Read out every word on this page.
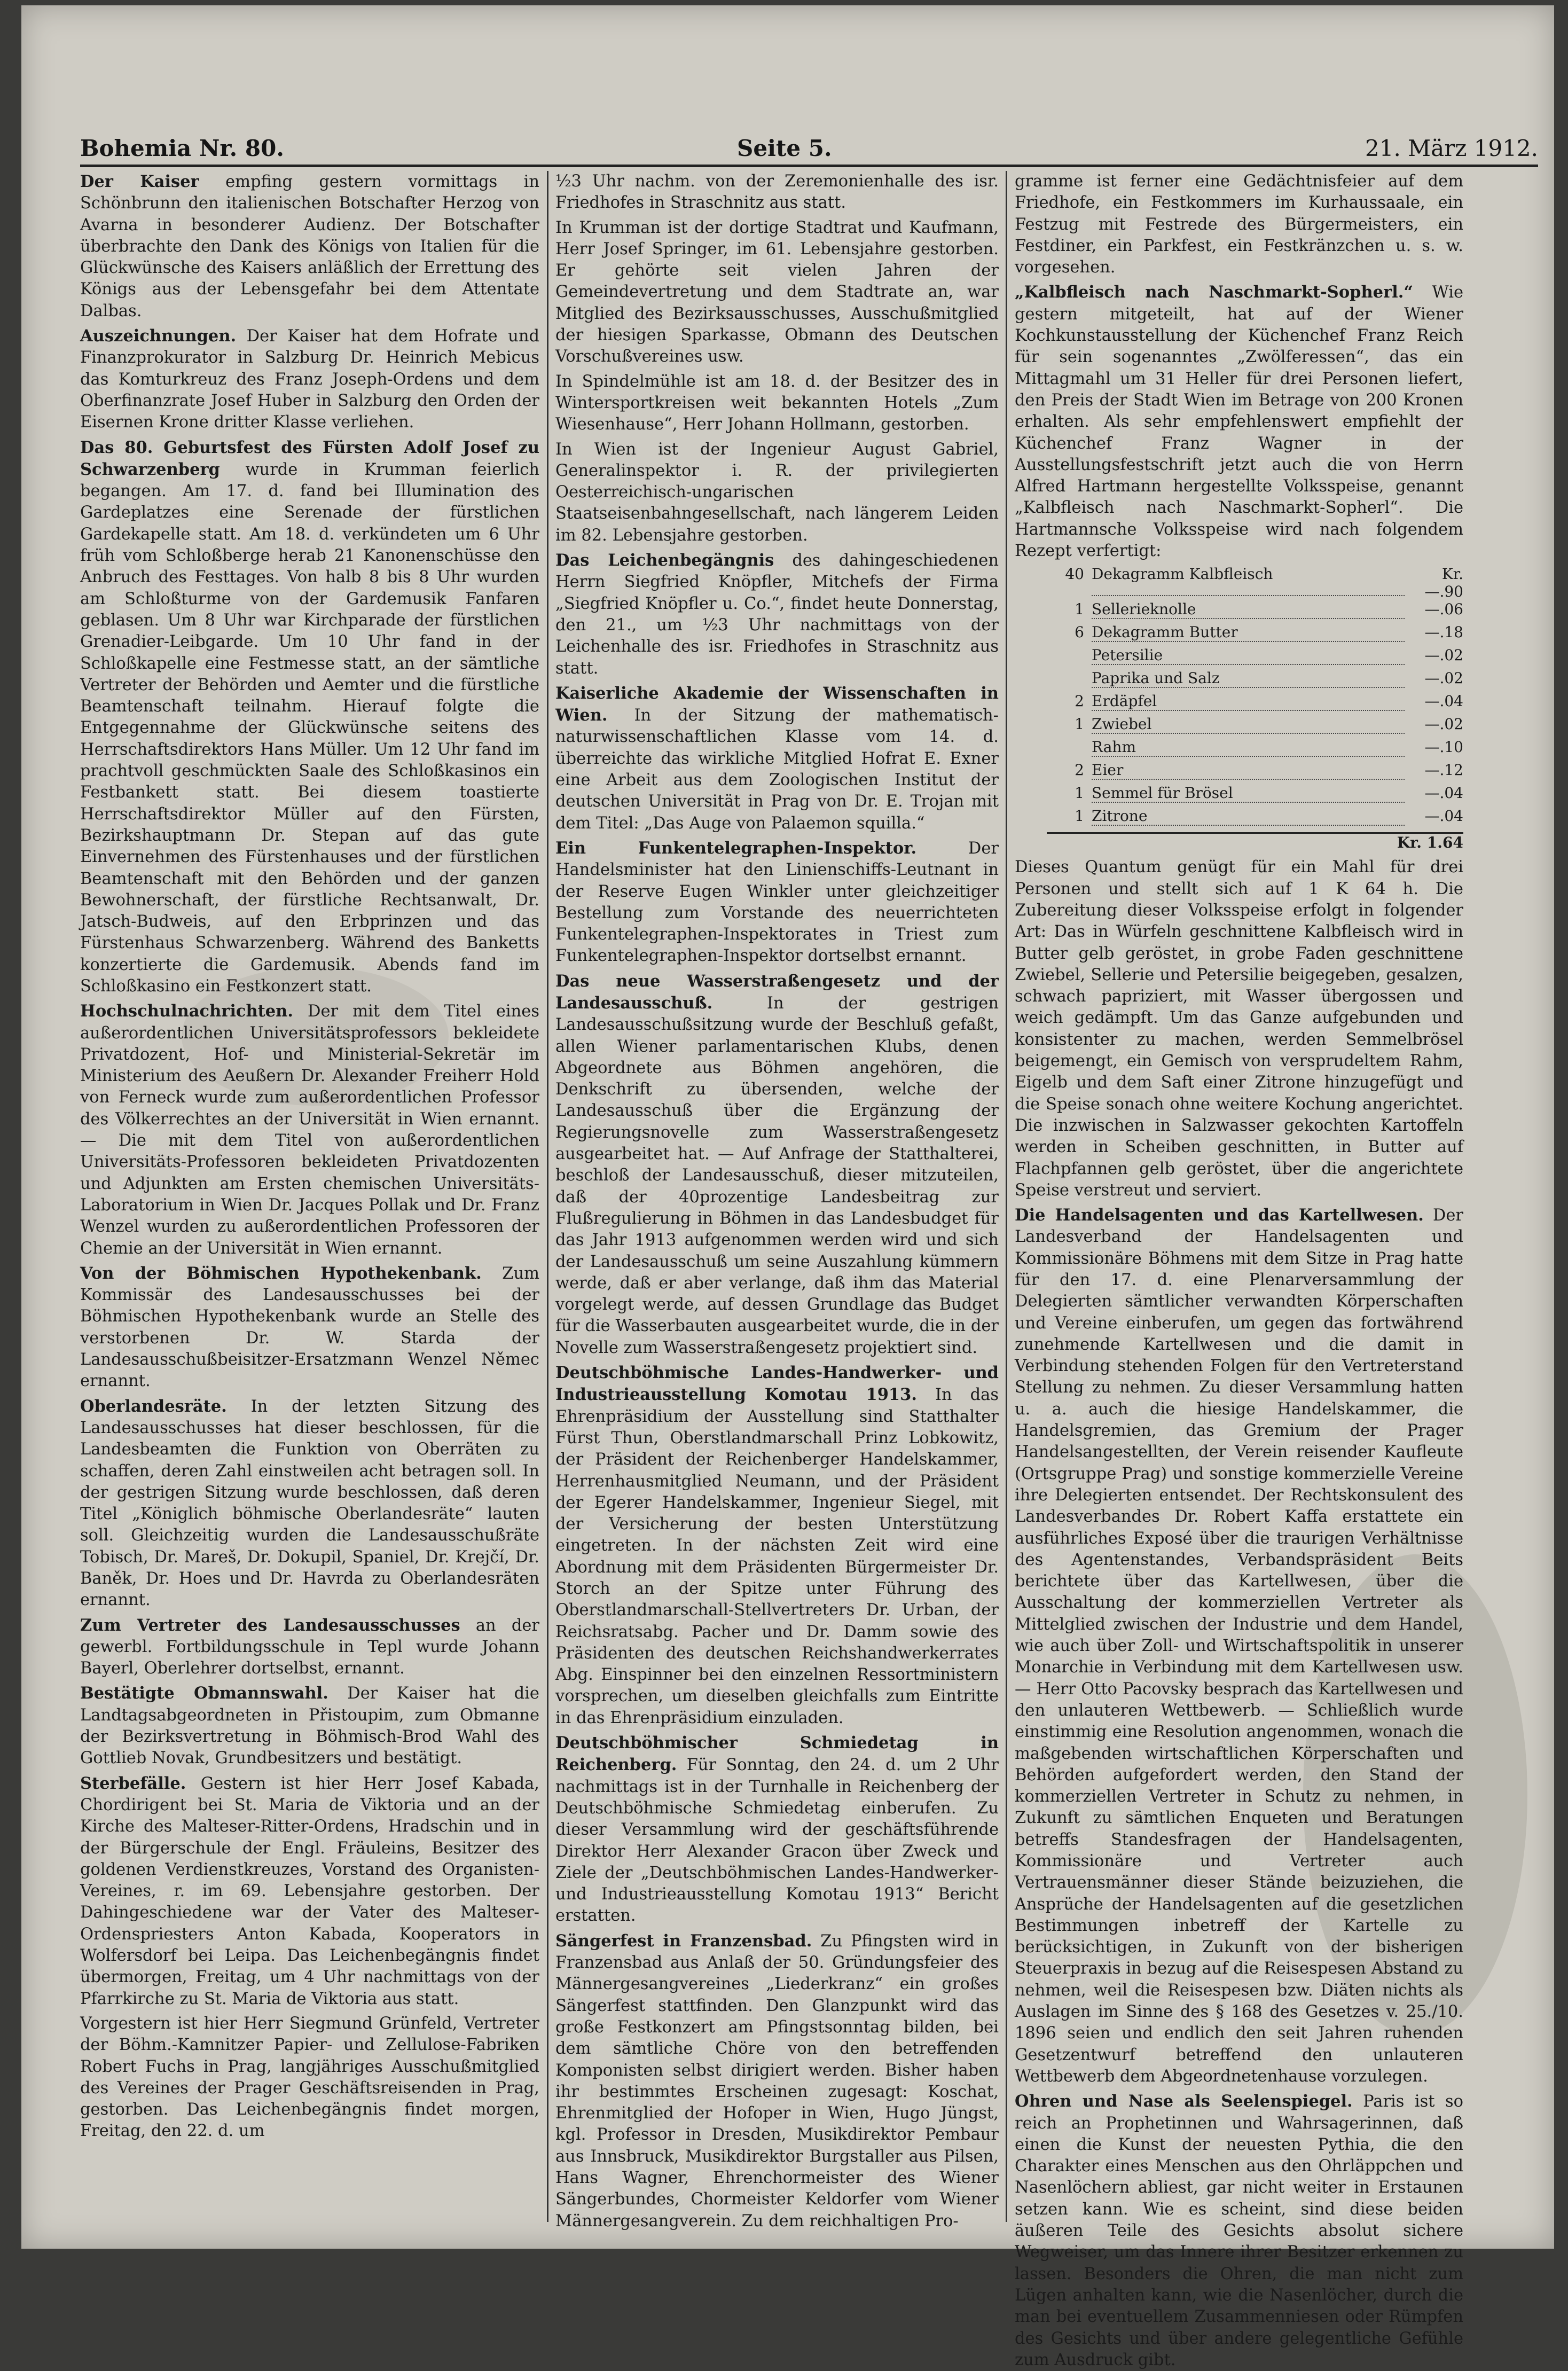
Bohemia Nr. 80.	Seite 5.	21. März 1912.

Der Kaiser empfing gestern vormittags in Schönbrunn den italienischen Botschafter Herzog von Avarna in besonderer Audienz. Der Botschafter überbrachte den Dank des Königs von Italien für die Glückwünsche des Kaisers anläßlich der Errettung des Königs aus der Lebensgefahr bei dem Attentate Dalbas.

Auszeichnungen. Der Kaiser hat dem Hofrate und Finanzprokurator in Salzburg Dr. Heinrich Mebicus das Komturkreuz des Franz Joseph-Ordens und dem Oberfinanzrate Josef Huber in Salzburg den Orden der Eisernen Krone dritter Klasse verliehen.

Das 80. Geburtsfest des Fürsten Adolf Josef zu Schwarzenberg wurde in Krumman feierlich begangen. Am 17. d. fand bei Illumination des Gardeplatzes eine Serenade der fürstlichen Gardekapelle statt. Am 18. d. verkündeten um 6 Uhr früh vom Schloßberge herab 21 Kanonenschüsse den Anbruch des Festtages. Von halb 8 bis 8 Uhr wurden am Schloßturme von der Gardemusik Fanfaren geblasen. Um 8 Uhr war Kirchparade der fürstlichen Grenadier-Leibgarde. Um 10 Uhr fand in der Schloßkapelle eine Festmesse statt, an der sämtliche Vertreter der Behörden und Aemter und die fürstliche Beamtenschaft teilnahm. Hierauf folgte die Entgegennahme der Glückwünsche seitens des Herrschaftsdirektors Hans Müller. Um 12 Uhr fand im prachtvoll geschmückten Saale des Schloßkasinos ein Festbankett statt. Bei diesem toastierte Herrschaftsdirektor Müller auf den Fürsten, Bezirkshauptmann Dr. Stepan auf das gute Einvernehmen des Fürstenhauses und der fürstlichen Beamtenschaft mit den Behörden und der ganzen Bewohnerschaft, der fürstliche Rechtsanwalt, Dr. Jatsch-Budweis, auf den Erbprinzen und das Fürstenhaus Schwarzenberg. Während des Banketts konzertierte die Gardemusik. Abends fand im Schloßkasino ein Festkonzert statt.

Hochschulnachrichten. Der mit dem Titel eines außerordentlichen Universitätsprofessors bekleidete Privatdozent, Hof- und Ministerial-Sekretär im Ministerium des Aeußern Dr. Alexander Freiherr Hold von Ferneck wurde zum außerordentlichen Professor des Völkerrechtes an der Universität in Wien ernannt. — Die mit dem Titel von außerordentlichen Universitäts-Professoren bekleideten Privatdozenten und Adjunkten am Ersten chemischen Universitäts-Laboratorium in Wien Dr. Jacques Pollak und Dr. Franz Wenzel wurden zu außerordentlichen Professoren der Chemie an der Universität in Wien ernannt.

Von der Böhmischen Hypothekenbank. Zum Kommissär des Landesausschusses bei der Böhmischen Hypothekenbank wurde an Stelle des verstorbenen Dr. W. Starda der Landesausschußbeisitzer-Ersatzmann Wenzel Němec ernannt.

Oberlandesräte. In der letzten Sitzung des Landesausschusses hat dieser beschlossen, für die Landesbeamten die Funktion von Oberräten zu schaffen, deren Zahl einstweilen acht betragen soll. In der gestrigen Sitzung wurde beschlossen, daß deren Titel „Königlich böhmische Oberlandesräte“ lauten soll. Gleichzeitig wurden die Landesausschußräte Tobisch, Dr. Mareš, Dr. Dokupil, Spaniel, Dr. Krejčí, Dr. Baněk, Dr. Hoes und Dr. Havrda zu Oberlandesräten ernannt.

Zum Vertreter des Landesausschusses an der gewerbl. Fortbildungsschule in Tepl wurde Johann Bayerl, Oberlehrer dortselbst, ernannt.

Bestätigte Obmannswahl. Der Kaiser hat die Landtagsabgeordneten in Přistoupim, zum Obmanne der Bezirksvertretung in Böhmisch-Brod Wahl des Gottlieb Novak, Grundbesitzers und bestätigt.

Sterbefälle. Gestern ist hier Herr Josef Kabada, Chordirigent bei St. Maria de Viktoria und an der Kirche des Malteser-Ritter-Ordens, Hradschin und in der Bürgerschule der Engl. Fräuleins, Besitzer des goldenen Verdienstkreuzes, Vorstand des Organisten-Vereines, r. im 69. Lebensjahre gestorben. Der Dahingeschiedene war der Vater des Malteser-Ordenspriesters Anton Kabada, Kooperators in Wolfersdorf bei Leipa. Das Leichenbegängnis findet übermorgen, Freitag, um 4 Uhr nachmittags von der Pfarrkirche zu St. Maria de Viktoria aus statt.

Vorgestern ist hier Herr Siegmund Grünfeld, Vertreter der Böhm.-Kamnitzer Papier- und Zellulose-Fabriken Robert Fuchs in Prag, langjähriges Ausschußmitglied des Vereines der Prager Geschäftsreisenden in Prag, gestorben. Das Leichenbegängnis findet morgen, Freitag, den 22. d. um

⅟₂3 Uhr nachm. von der Zeremonienhalle des isr. Friedhofes in Straschnitz aus statt.

In Krumman ist der dortige Stadtrat und Kaufmann, Herr Josef Springer, im 61. Lebensjahre gestorben. Er gehörte seit vielen Jahren der Gemeindevertretung und dem Stadtrate an, war Mitglied des Bezirksausschusses, Ausschußmitglied der hiesigen Sparkasse, Obmann des Deutschen Vorschußvereines usw.

In Spindelmühle ist am 18. d. der Besitzer des in Wintersportkreisen weit bekannten Hotels „Zum Wiesenhause“, Herr Johann Hollmann, gestorben.

In Wien ist der Ingenieur August Gabriel, Generalinspektor i. R. der privilegierten Oesterreichisch-ungarischen Staatseisenbahngesellschaft, nach längerem Leiden im 82. Lebensjahre gestorben.

Das Leichenbegängnis des dahingeschiedenen Herrn Siegfried Knöpfler, Mitchefs der Firma „Siegfried Knöpfler u. Co.“, findet heute Donnerstag, den 21., um ⅟₂3 Uhr nachmittags von der Leichenhalle des isr. Friedhofes in Straschnitz aus statt.

Kaiserliche Akademie der Wissenschaften in Wien. In der Sitzung der mathematisch-naturwissenschaftlichen Klasse vom 14. d. überreichte das wirkliche Mitglied Hofrat E. Exner eine Arbeit aus dem Zoologischen Institut der deutschen Universität in Prag von Dr. E. Trojan mit dem Titel: „Das Auge von Palaemon squilla.“

Ein Funkentelegraphen-Inspektor.	Der Handelsminister hat den Linienschiffs-Leutnant in der Reserve Eugen Winkler unter gleichzeitiger Bestellung zum Vorstande des neuerrichteten Funkentelegraphen-Inspektorates in Triest zum Funkentelegraphen-Inspektor dortselbst ernannt.

Das neue Wasserstraßengesetz und der Landesausschuß.	In der gestrigen Landesausschußsitzung wurde der Beschluß gefaßt, allen Wiener parlamentarischen Klubs, denen Abgeordnete aus Böhmen angehören, die Denkschrift zu übersenden, welche der Landesausschuß über die Ergänzung der Regierungsnovelle zum Wasserstraßengesetz ausgearbeitet hat. — Auf Anfrage der Statthalterei, beschloß der Landesausschuß, dieser mitzuteilen, daß der 40prozentige Landesbeitrag zur Flußregulierung in Böhmen in das Landesbudget für das Jahr 1913 aufgenommen werden wird und sich der Landesausschuß um seine Auszahlung kümmern werde, daß er aber verlange, daß ihm das Material vorgelegt werde, auf dessen Grundlage das Budget für die Wasserbauten ausgearbeitet wurde, die in der Novelle zum Wasserstraßengesetz projektiert sind.

Deutschböhmische Landes-Handwerker- und Industrieausstellung Komotau 1913. In das Ehrenpräsidium der Ausstellung sind Statthalter Fürst Thun, Oberstlandmarschall Prinz Lobkowitz, der Präsident der Reichenberger Handelskammer, Herrenhausmitglied Neumann, und der Präsident der Egerer Handelskammer, Ingenieur Siegel, mit der Versicherung der besten Unterstützung eingetreten. In der nächsten Zeit wird eine Abordnung mit dem Präsidenten Bürgermeister Dr. Storch an der Spitze unter Führung des Oberstlandmarschall-Stellvertreters Dr. Urban, der Reichsratsabg. Pacher und Dr. Damm sowie des Präsidenten des deutschen Reichshandwerkerrates Abg. Einspinner bei den einzelnen Ressortministern vorsprechen, um dieselben gleichfalls zum Eintritte in das Ehrenpräsidium einzuladen.

Deutschböhmischer Schmiedetag in Reichenberg. Für Sonntag, den 24. d. um 2 Uhr nachmittags ist in der Turnhalle in Reichenberg der Deutschböhmische Schmiedetag einberufen. Zu dieser Versammlung wird der geschäftsführende Direktor Herr Alexander Gracon über Zweck und Ziele der „Deutschböhmischen Landes-Handwerker- und Industrieausstellung Komotau 1913“ Bericht erstatten.

Sängerfest in Franzensbad. Zu Pfingsten wird in Franzensbad aus Anlaß der 50. Gründungsfeier des Männergesangvereines „Liederkranz“ ein großes Sängerfest stattfinden. Den Glanzpunkt wird das große Festkonzert am Pfingstsonntag bilden, bei dem sämtliche Chöre von den betreffenden Komponisten selbst dirigiert werden. Bisher haben ihr bestimmtes Erscheinen zugesagt: Koschat, Ehrenmitglied der Hofoper in Wien, Hugo Jüngst, kgl. Professor in Dresden, Musikdirektor Pembaur aus Innsbruck, Musikdirektor Burgstaller aus Pilsen, Hans Wagner, Ehrenchormeister des Wiener Sängerbundes, Chormeister Keldorfer vom Wiener Männergesangverein. Zu dem reichhaltigen Pro-

gramme ist ferner eine Gedächtnisfeier auf dem Friedhofe, ein Festkommers im Kurhaussaale, ein Festzug mit Festrede des Bürgermeisters, ein Festdiner, ein Parkfest, ein Festkränzchen u. s. w. vorgesehen.

„Kalbfleisch nach Naschmarkt-Sopherl.“ Wie gestern mitgeteilt, hat auf der Wiener Kochkunstausstellung der Küchenchef Franz Reich für sein sogenanntes „Zwölferessen“, das ein Mittagmahl um 31 Heller für drei Personen liefert, den Preis der Stadt Wien im Betrage von 200 Kronen erhalten. Als sehr empfehlenswert empfiehlt der Küchenchef Franz Wagner in der Ausstellungsfestschrift jetzt auch die von Herrn Alfred Hartmann hergestellte Volksspeise, genannt „Kalbfleisch nach Naschmarkt-Sopherl“. Die Hartmannsche Volksspeise wird nach folgendem Rezept verfertigt:

40 Dekagramm Kalbfleisch	Kr. —.90
1 Sellerieknolle	—.06
6 Dekagramm Butter	—.18
Petersilie	—.02
Paprika und Salz	—.02
2 Erdäpfel	—.04
1 Zwiebel	—.02
Rahm	—.10
2 Eier	—.12
1 Semmel für Brösel	—.04
1 Zitrone	—.04
Kr. 1.64

Dieses Quantum genügt für ein Mahl für drei Personen und stellt sich auf 1 K 64 h. Die Zubereitung dieser Volksspeise erfolgt in folgender Art: Das in Würfeln geschnittene Kalbfleisch wird in Butter gelb geröstet, in grobe Faden geschnittene Zwiebel, Sellerie und Petersilie beigegeben, gesalzen, schwach papriziert, mit Wasser übergossen und weich gedämpft. Um das Ganze aufgebunden und konsistenter zu machen, werden Semmelbrösel beigemengt, ein Gemisch von versprudeltem Rahm, Eigelb und dem Saft einer Zitrone hinzugefügt und die Speise sonach ohne weitere Kochung angerichtet. Die inzwischen in Salzwasser gekochten Kartoffeln werden in Scheiben geschnitten, in Butter auf Flachpfannen gelb geröstet, über die angerichtete Speise verstreut und serviert.

Die Handelsagenten und das Kartellwesen. Der Landesverband der Handelsagenten und Kommissionäre Böhmens mit dem Sitze in Prag hatte für den 17. d. eine Plenarversammlung der Delegierten sämtlicher verwandten Körperschaften und Vereine einberufen, um gegen das fortwährend zunehmende Kartellwesen und die damit in Verbindung stehenden Folgen für den Vertreterstand Stellung zu nehmen. Zu dieser Versammlung hatten u. a. auch die hiesige Handelskammer, die Handelsgremien, das Gremium der Prager Handelsangestellten, der Verein reisender Kaufleute (Ortsgruppe Prag) und sonstige kommerzielle Vereine ihre Delegierten entsendet. Der Rechtskonsulent des Landesverbandes Dr. Robert Kaffa erstattete ein ausführliches Exposé über die traurigen Verhältnisse des Agentenstandes, Verbandspräsident Beits berichtete über das Kartellwesen, über die Ausschaltung der kommerziellen Vertreter als Mittelglied zwischen der Industrie und dem Handel, wie auch über Zoll- und Wirtschaftspolitik in unserer Monarchie in Verbindung mit dem Kartellwesen usw. — Herr Otto Pacovsky besprach das Kartellwesen und den unlauteren Wettbewerb. — Schließlich wurde einstimmig eine Resolution angenommen, wonach die maßgebenden wirtschaftlichen Körperschaften und Behörden aufgefordert werden, den Stand der kommerziellen Vertreter in Schutz zu nehmen, in Zukunft zu sämtlichen Enqueten und Beratungen betreffs Standesfragen der Handelsagenten, Kommissionäre und Vertreter auch Vertrauensmänner dieser Stände beizuziehen, die Ansprüche der Handelsagenten auf die gesetzlichen Bestimmungen inbetreff der Kartelle zu berücksichtigen, in Zukunft von der bisherigen Steuerpraxis in bezug auf die Reisespesen Abstand zu nehmen, weil die Reisespesen bzw. Diäten nichts als Auslagen im Sinne des § 168 des Gesetzes v. 25./10. 1896 seien und endlich den seit Jahren ruhenden Gesetzentwurf betreffend den unlauteren Wettbewerb dem Abgeordnetenhause vorzulegen.

Ohren und Nase als Seelenspiegel. Paris ist so reich an Prophetinnen und Wahrsagerinnen, daß einen die Kunst der neuesten Pythia, die den Charakter eines Menschen aus den Ohrläppchen und Nasenlöchern abliest, gar nicht weiter in Erstaunen setzen kann. Wie es scheint, sind diese beiden äußeren Teile des Gesichts absolut sichere Wegweiser, um das Innere ihrer Besitzer erkennen zu lassen. Besonders die Ohren, die man nicht zum Lügen anhalten kann, wie die Nasenlöcher, durch die man bei eventuellem Zusammenniesen oder Rümpfen des Gesichts und über andere gelegentliche Gefühle zum Ausdruck gibt.
